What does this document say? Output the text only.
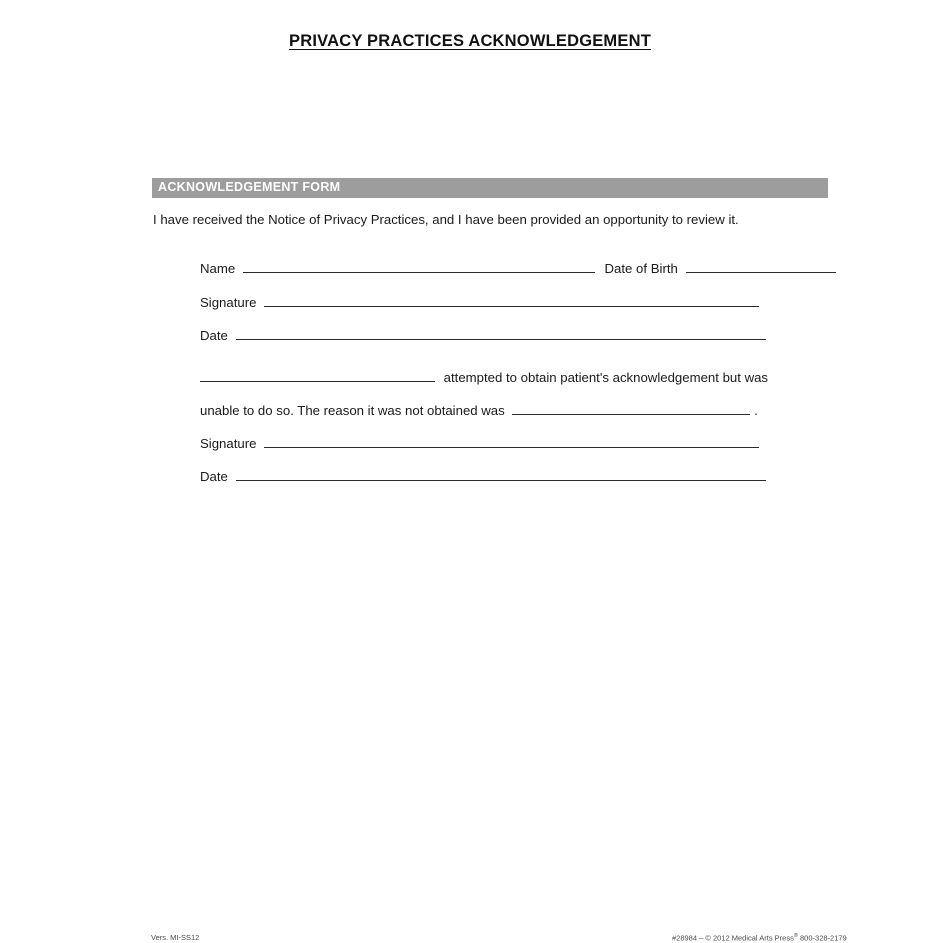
PRIVACY PRACTICES ACKNOWLEDGEMENT
ACKNOWLEDGEMENT FORM
I have received the Notice of Privacy Practices, and I have been provided an opportunity to review it.
Name	Date of Birth
Signature
Date
attempted to obtain patient's acknowledgement but was
unable to do so. The reason it was not obtained was	.
Signature
Date
Vers. MI-SS12	#28984 – © 2012 Medical Arts Press® 800-328-2179
